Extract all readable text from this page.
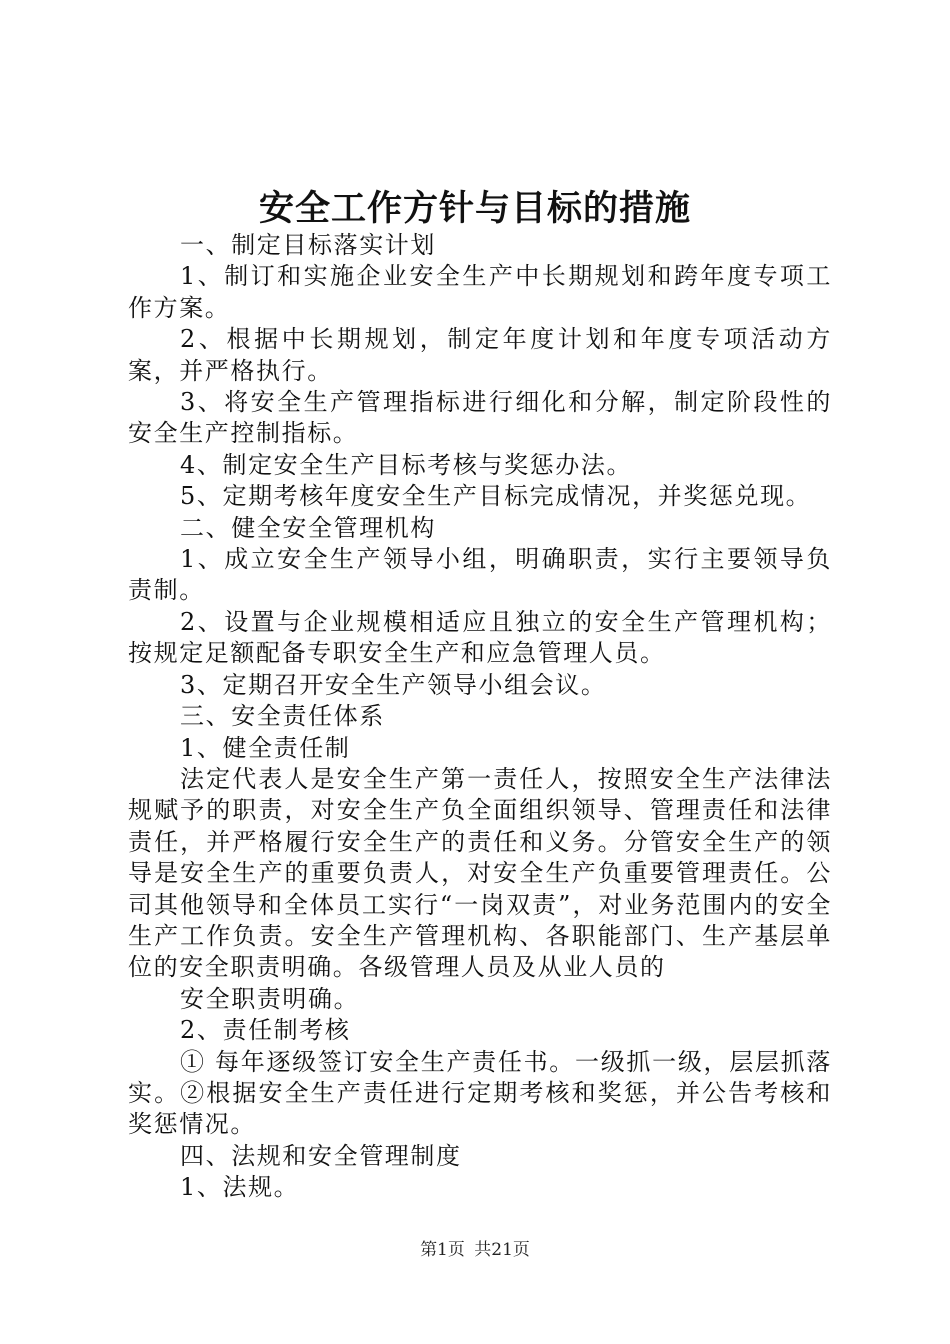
安全工作方针与目标的措施

一、制定目标落实计划

1、制订和实施企业安全生产中长期规划和跨年度专项工作方案。

2、根据中长期规划，制定年度计划和年度专项活动方案，并严格执行。

3、将安全生产管理指标进行细化和分解，制定阶段性的安全生产控制指标。

4、制定安全生产目标考核与奖惩办法。

5、定期考核年度安全生产目标完成情况，并奖惩兑现。

二、健全安全管理机构

1、成立安全生产领导小组，明确职责，实行主要领导负责制。

2、设置与企业规模相适应且独立的安全生产管理机构；按规定足额配备专职安全生产和应急管理人员。

3、定期召开安全生产领导小组会议。

三、安全责任体系

1、健全责任制

法定代表人是安全生产第一责任人，按照安全生产法律法规赋予的职责，对安全生产负全面组织领导、管理责任和法律责任，并严格履行安全生产的责任和义务。分管安全生产的领导是安全生产的重要负责人，对安全生产负重要管理责任。公司其他领导和全体员工实行“一岗双责”，对业务范围内的安全生产工作负责。安全生产管理机构、各职能部门、生产基层单位的安全职责明确。各级管理人员及从业人员的

安全职责明确。

2、责任制考核

① 每年逐级签订安全生产责任书。一级抓一级，层层抓落实。②根据安全生产责任进行定期考核和奖惩，并公告考核和奖惩情况。

四、法规和安全管理制度

1、法规。

第1页 共21页
